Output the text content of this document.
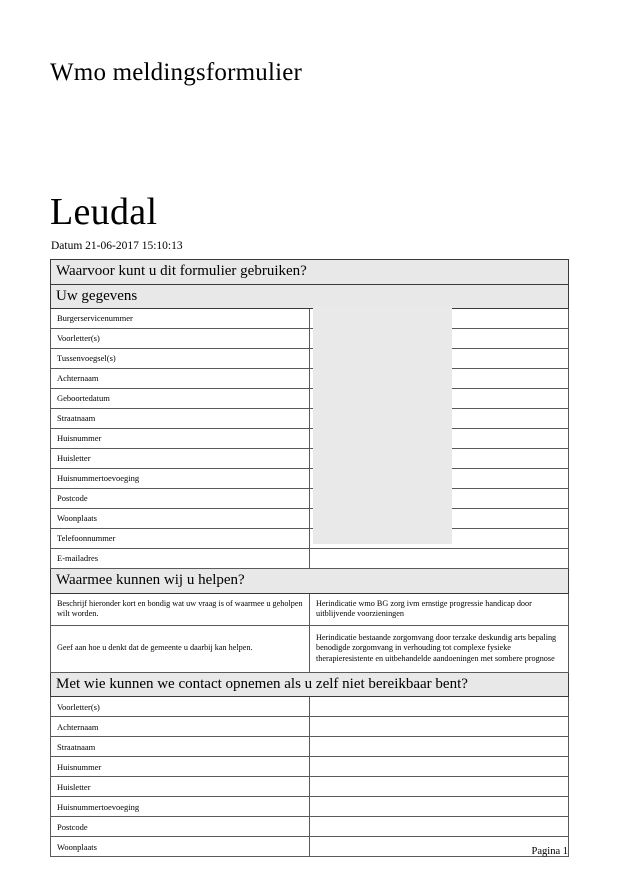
Wmo meldingsformulier
Leudal
Datum 21-06-2017 15:10:13
Waarvoor kunt u dit formulier gebruiken?	
Uw gegevens	
Burgerservicenummer	
Voorletter(s)	
Tussenvoegsel(s)	
Achternaam	
Geboortedatum	
Straatnaam	
Huisnummer	
Huisletter	
Huisnummertoevoeging	
Postcode	
Woonplaats	
Telefoonnummer	
E-mailadres	
Waarmee kunnen wij u helpen?	
Beschrijf hieronder kort en bondig wat uw vraag is of waarmee u geholpen wilt worden.	Herindicatie wmo BG zorg ivm ernstige progressie handicap door uitblijvende voorzieningen
Geef aan hoe u denkt dat de gemeente u daarbij kan helpen.	Herindicatie bestaande zorgomvang door terzake deskundig arts bepaling benodigde zorgomvang in verhouding tot complexe fysieke therapieresistente en uitbehandelde aandoeningen met sombere prognose
Met wie kunnen we contact opnemen als u zelf niet bereikbaar bent?	
Voorletter(s)	
Achternaam	
Straatnaam	
Huisnummer	
Huisletter	
Huisnummertoevoeging	
Postcode	
Woonplaats		Pagina 1
